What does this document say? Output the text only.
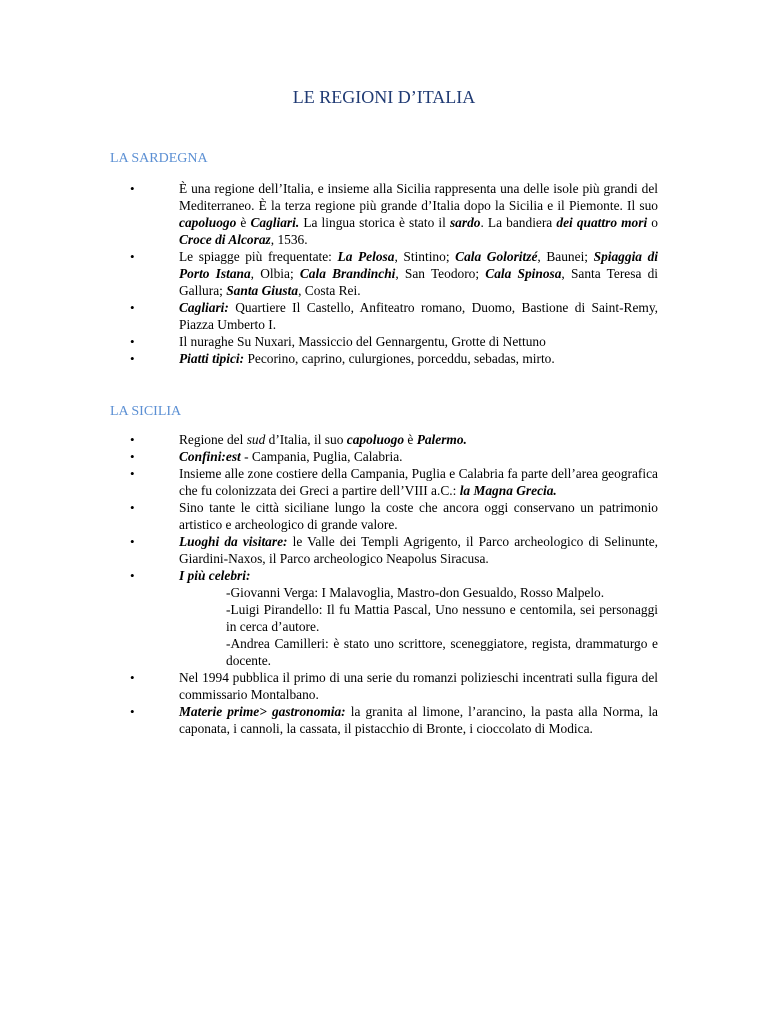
LE REGIONI D’ITALIA
LA SARDEGNA
• È una regione dell’Italia, e insieme alla Sicilia rappresenta una delle isole più grandi del Mediterraneo. È la terza regione più grande d’Italia dopo la Sicilia e il Piemonte. Il suo capoluogo è Cagliari. La lingua storica è stato il sardo. La bandiera dei quattro mori o Croce di Alcoraz, 1536.
• Le spiagge più frequentate: La Pelosa, Stintino; Cala Goloritzé, Baunei; Spiaggia di Porto Istana, Olbia; Cala Brandinchi, San Teodoro; Cala Spinosa, Santa Teresa di Gallura; Santa Giusta, Costa Rei.
• Cagliari: Quartiere Il Castello, Anfiteatro romano, Duomo, Bastione di Saint-Remy, Piazza Umberto I.
• Il nuraghe Su Nuxari, Massiccio del Gennargentu, Grotte di Nettuno
• Piatti tipici: Pecorino, caprino, culurgiones, porceddu, sebadas, mirto.
LA SICILIA
• Regione del sud d’Italia, il suo capoluogo è Palermo.
• Confini:est - Campania, Puglia, Calabria.
• Insieme alle zone costiere della Campania, Puglia e Calabria fa parte dell’area geografica che fu colonizzata dei Greci a partire dell’VIII a.C.: la Magna Grecia.
• Sino tante le città siciliane lungo la coste che ancora oggi conservano un patrimonio artistico e archeologico di grande valore.
• Luoghi da visitare: le Valle dei Templi Agrigento, il Parco archeologico di Selinunte, Giardini-Naxos, il Parco archeologico Neapolus Siracusa.
• I più celebri:
-Giovanni Verga: I Malavoglia, Mastro-don Gesualdo, Rosso Malpelo.
-Luigi Pirandello: Il fu Mattia Pascal, Uno nessuno e centomila, sei personaggi in cerca d’autore.
-Andrea Camilleri: è stato uno scrittore, sceneggiatore, regista, drammaturgo e docente.
• Nel 1994 pubblica il primo di una serie du romanzi polizieschi incentrati sulla figura del commissario Montalbano.
• Materie prime> gastronomia: la granita al limone, l’arancino, la pasta alla Norma, la caponata, i cannoli, la cassata, il pistacchio di Bronte, i cioccolato di Modica.
